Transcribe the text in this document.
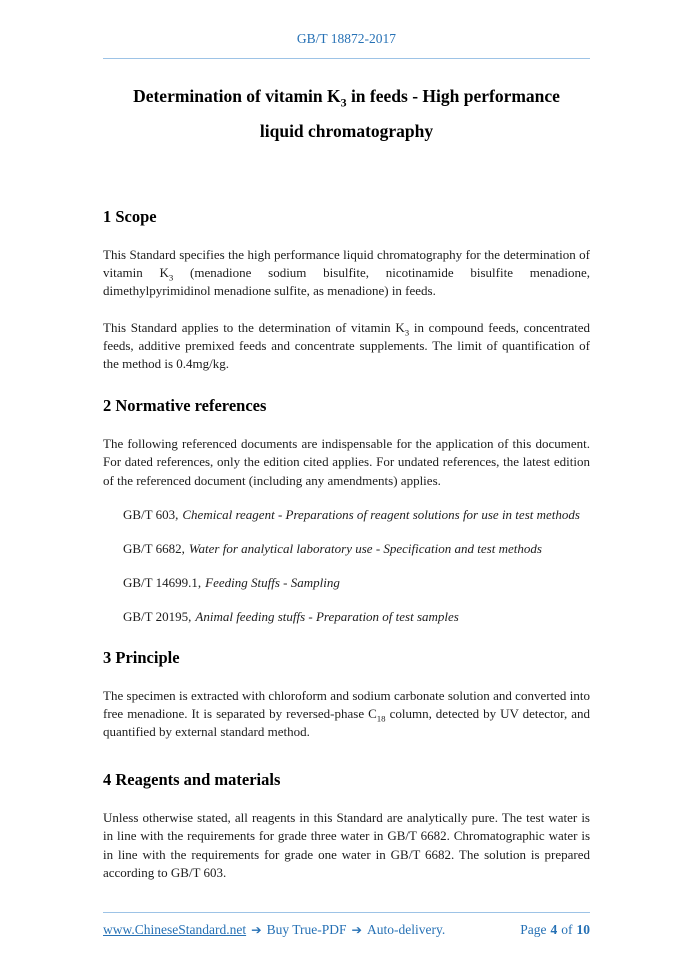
GB/T 18872-2017
Determination of vitamin $K_3$ in feeds - High performance
liquid chromatography
1 Scope

This Standard specifies the high performance liquid chromatography for the determination of vitamin $K_3$ (menadione sodium bisulfite, nicotinamide bisulfite menadione, dimethylpyrimidinol menadione sulfite, as menadione) in feeds.

This Standard applies to the determination of vitamin $K_3$ in compound feeds, concentrated feeds, additive premixed feeds and concentrate supplements. The limit of quantification of the method is 0.4mg/kg.

2 Normative references

The following referenced documents are indispensable for the application of this document. For dated references, only the edition cited applies. For undated references, the latest edition of the referenced document (including any amendments) applies.

GB/T 603, Chemical reagent - Preparations of reagent solutions for use in test methods

GB/T 6682, Water for analytical laboratory use - Specification and test methods

GB/T 14699.1, Feeding Stuffs - Sampling

GB/T 20195, Animal feeding stuffs - Preparation of test samples

3 Principle

The specimen is extracted with chloroform and sodium carbonate solution and converted into free menadione. It is separated by reversed-phase $C_{18}$ column, detected by UV detector, and quantified by external standard method.

4 Reagents and materials

Unless otherwise stated, all reagents in this Standard are analytically pure. The test water is in line with the requirements for grade three water in GB/T 6682. Chromatographic water is in line with the requirements for grade one water in GB/T 6682. The solution is prepared according to GB/T 603.

www.ChineseStandard.net ➔ Buy True-PDF ➔ Auto-delivery.	Page 4 of 10
